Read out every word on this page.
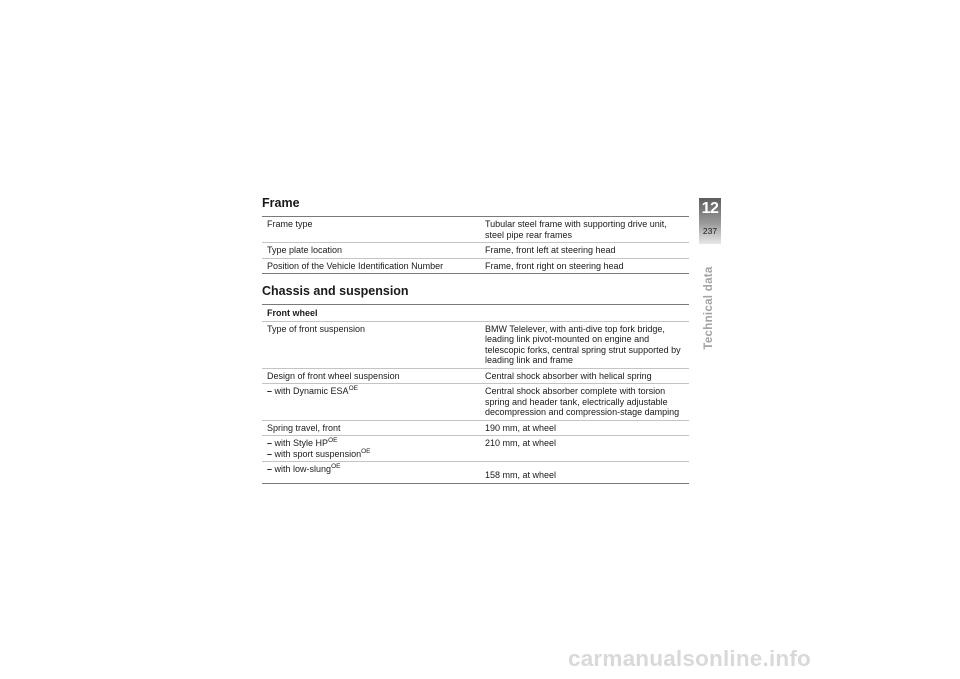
Frame
Frame type	Tubular steel frame with supporting drive unit, steel pipe rear frames
Type plate location	Frame, front left at steering head
Position of the Vehicle Identification Number	Frame, front right on steering head
Chassis and suspension
Front wheel	
Type of front suspension	BMW Telelever, with anti-dive top fork bridge, leading link pivot-mounted on engine and telescopic forks, central spring strut supported by leading link and frame
Design of front wheel suspension	Central shock absorber with helical spring

– with Dynamic $ESA^{OE}$	Central shock absorber complete with torsion spring and header tank, electrically adjustable decompression and compression-stage damping
Spring travel, front	190 mm, at wheel

– with Style $HP^{OE}$
– with sport suspension$^{OE}$	210 mm, at wheel

– with low-slung$^{OE}$	158 mm, at wheel
12
237
Technical data
carmanualsonline.info
